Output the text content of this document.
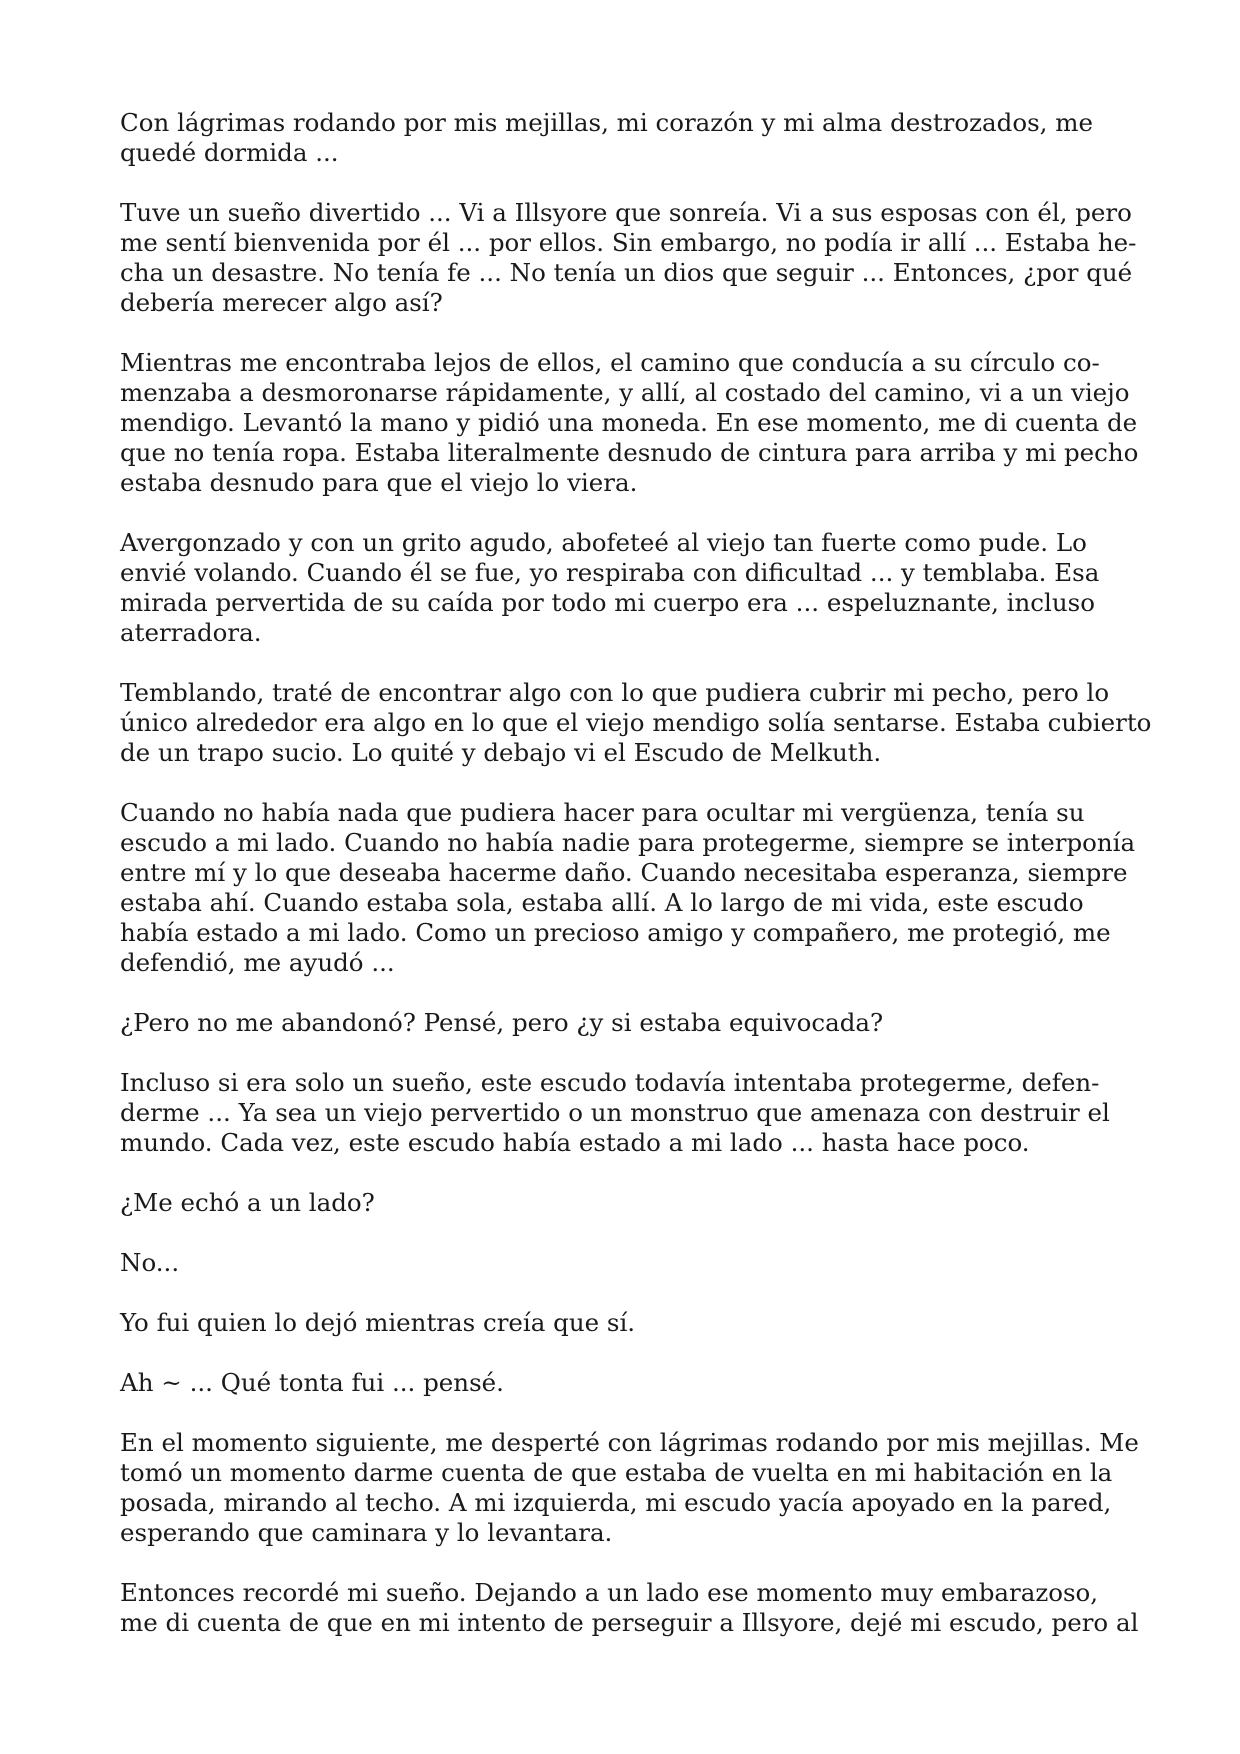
Con lágrimas rodando por mis mejillas, mi corazón y mi alma destrozados, me
quedé dormida ...

Tuve un sueño divertido ... Vi a Illsyore que sonreía. Vi a sus esposas con él, pero
me sentí bienvenida por él ... por ellos. Sin embargo, no podía ir allí ... Estaba he-
cha un desastre. No tenía fe ... No tenía un dios que seguir ... Entonces, ¿por qué
debería merecer algo así?

Mientras me encontraba lejos de ellos, el camino que conducía a su círculo co-
menzaba a desmoronarse rápidamente, y allí, al costado del camino, vi a un viejo
mendigo. Levantó la mano y pidió una moneda. En ese momento, me di cuenta de
que no tenía ropa. Estaba literalmente desnudo de cintura para arriba y mi pecho
estaba desnudo para que el viejo lo viera.

Avergonzado y con un grito agudo, abofeteé al viejo tan fuerte como pude. Lo
envié volando. Cuando él se fue, yo respiraba con dificultad ... y temblaba. Esa
mirada pervertida de su caída por todo mi cuerpo era ... espeluznante, incluso
aterradora.

Temblando, traté de encontrar algo con lo que pudiera cubrir mi pecho, pero lo
único alrededor era algo en lo que el viejo mendigo solía sentarse. Estaba cubierto
de un trapo sucio. Lo quité y debajo vi el Escudo de Melkuth.

Cuando no había nada que pudiera hacer para ocultar mi vergüenza, tenía su
escudo a mi lado. Cuando no había nadie para protegerme, siempre se interponía
entre mí y lo que deseaba hacerme daño. Cuando necesitaba esperanza, siempre
estaba ahí. Cuando estaba sola, estaba allí. A lo largo de mi vida, este escudo
había estado a mi lado. Como un precioso amigo y compañero, me protegió, me
defendió, me ayudó ...

¿Pero no me abandonó? Pensé, pero ¿y si estaba equivocada?

Incluso si era solo un sueño, este escudo todavía intentaba protegerme, defen-
derme ... Ya sea un viejo pervertido o un monstruo que amenaza con destruir el
mundo. Cada vez, este escudo había estado a mi lado ... hasta hace poco.

¿Me echó a un lado?

No...

Yo fui quien lo dejó mientras creía que sí.

Ah ~ ... Qué tonta fui ... pensé.

En el momento siguiente, me desperté con lágrimas rodando por mis mejillas. Me
tomó un momento darme cuenta de que estaba de vuelta en mi habitación en la
posada, mirando al techo. A mi izquierda, mi escudo yacía apoyado en la pared,
esperando que caminara y lo levantara.

Entonces recordé mi sueño. Dejando a un lado ese momento muy embarazoso,
me di cuenta de que en mi intento de perseguir a Illsyore, dejé mi escudo, pero al
